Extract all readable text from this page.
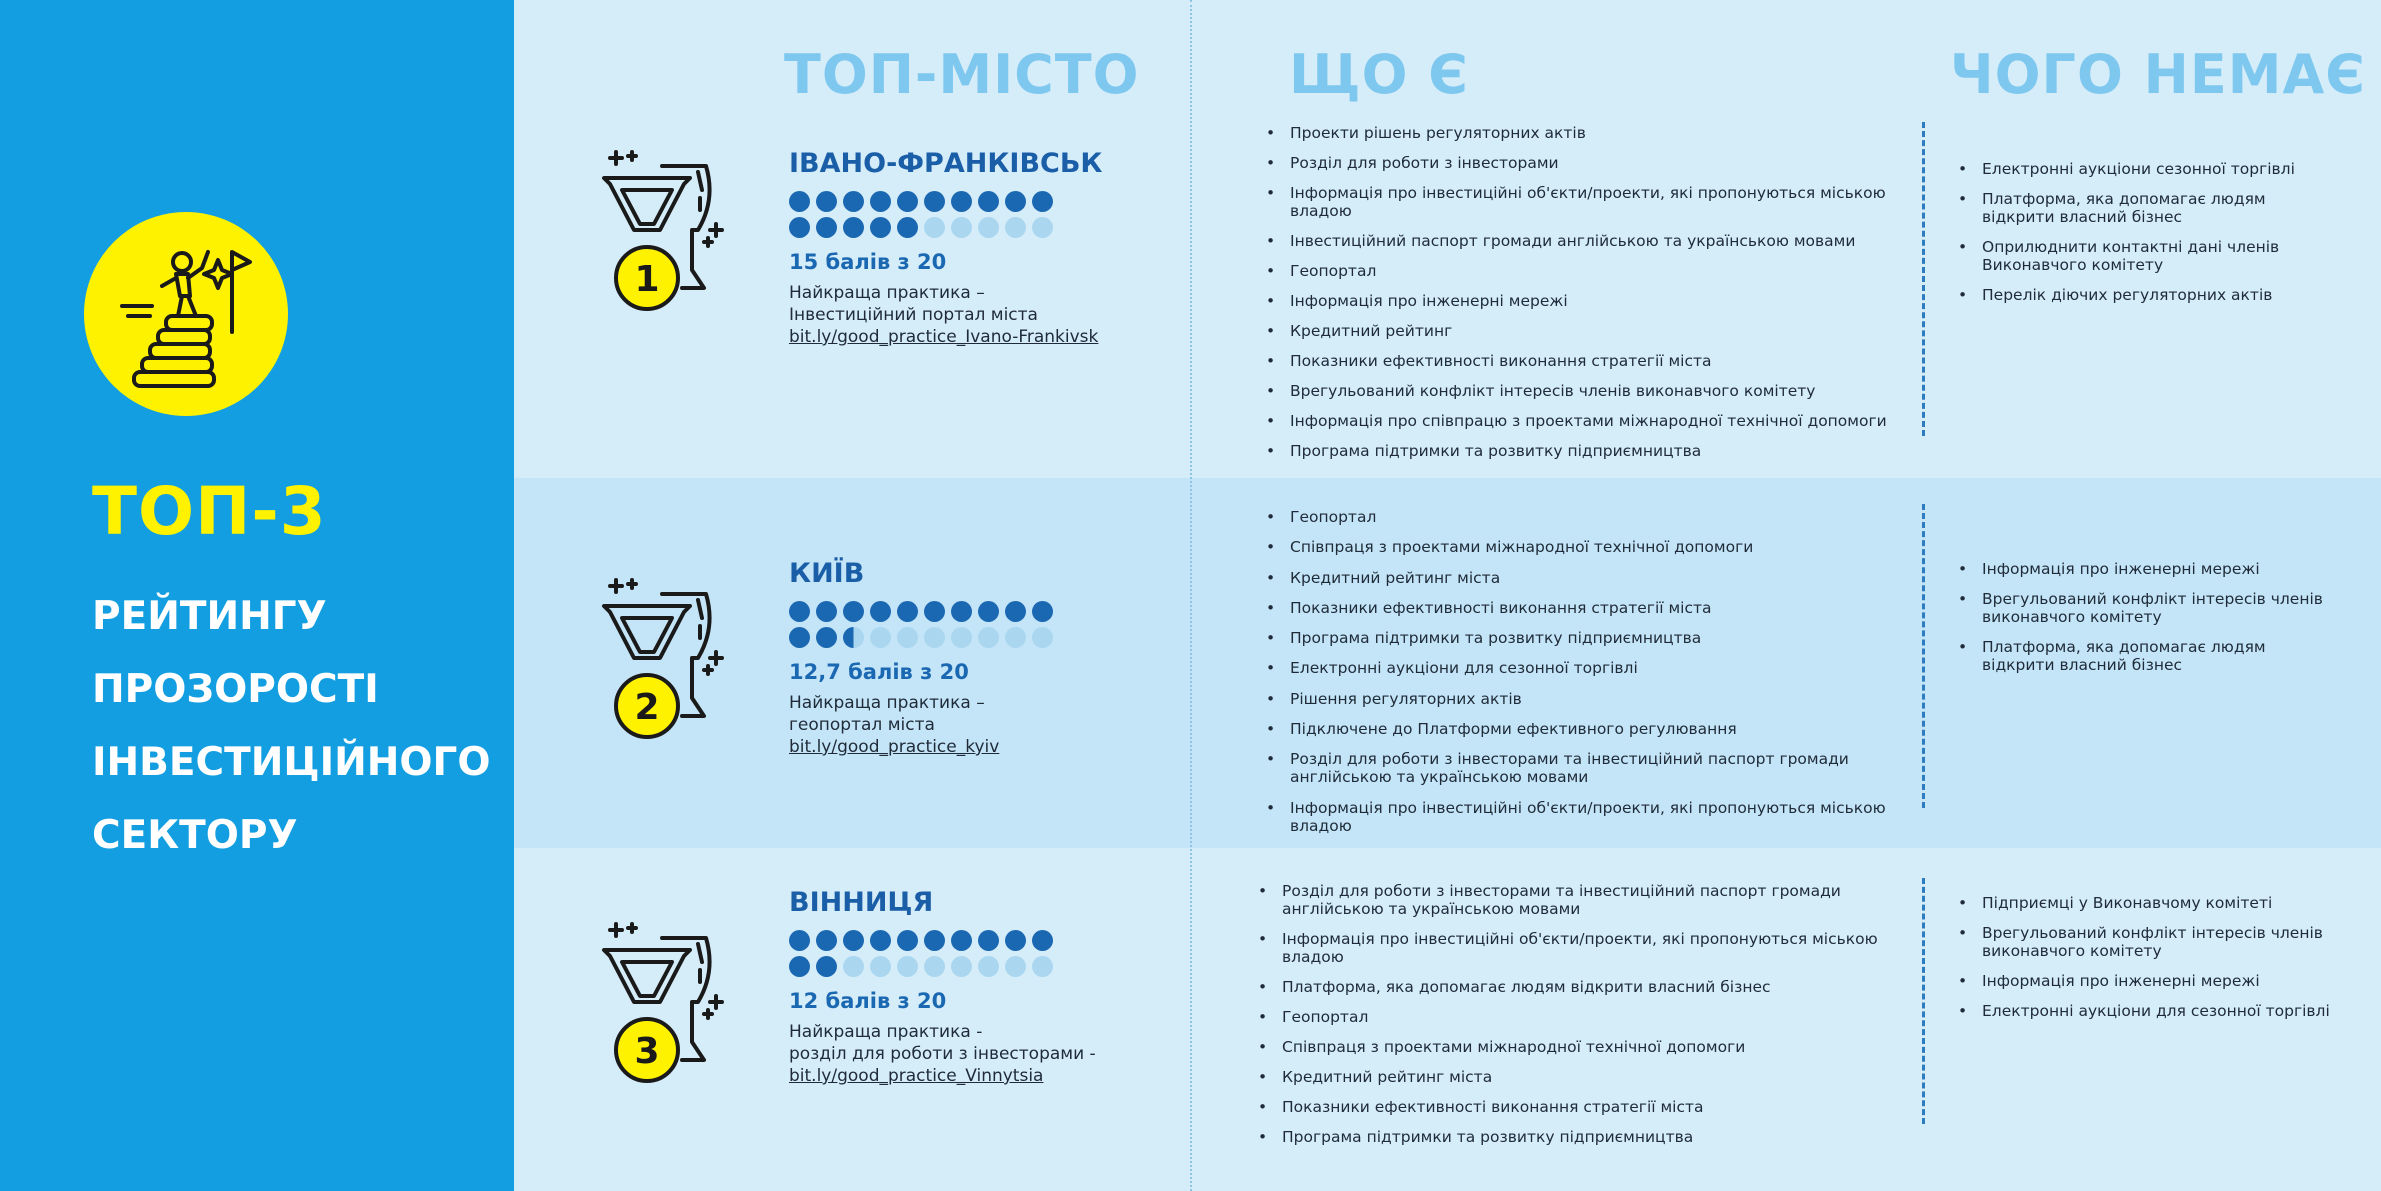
ТОП-3
РЕЙТИНГУ
ПРОЗОРОСТІ
ІНВЕСТИЦІЙНОГО
СЕКТОРУ
ТОП-МІСТО	ЩО Є	ЧОГО НЕМАЄ
1
2
3
ІВАНО-ФРАНКІВСЬК
15 балів з 20
Найкраща практика –
Інвестиційний портал міста
bit.ly/good_practice_Ivano-Frankivsk
КИЇВ
12,7 балів з 20
Найкраща практика –
геопортал міста
bit.ly/good_practice_kyiv
ВІННИЦЯ
12 балів з 20
Найкраща практика -
розділ для роботи з інвесторами -
bit.ly/good_practice_Vinnytsia
• Проекти рішень регуляторних актів
• Розділ для роботи з інвесторами
• Інформація про інвестиційні об'єкти/проекти, які пропонуються міською владою
• Інвестиційний паспорт громади англійською та українською мовами
• Геопортал
• Інформація про інженерні мережі
• Кредитний рейтинг
• Показники ефективності виконання стратегії міста
• Врегульований конфлікт інтересів членів виконавчого комітету
• Інформація про співпрацю з проектами міжнародної технічної допомоги
• Програма підтримки та розвитку підприємництва
• Геопортал
• Співпраця з проектами міжнародної технічної допомоги
• Кредитний рейтинг міста
• Показники ефективності виконання стратегії міста
• Програма підтримки та розвитку підприємництва
• Електронні аукціони для сезонної торгівлі
• Рішення регуляторних актів
• Підключене до Платформи ефективного регулювання
• Розділ для роботи з інвесторами та інвестиційний паспорт громади англійською та українською мовами
• Інформація про інвестиційні об'єкти/проекти, які пропонуються міською владою
• Розділ для роботи з інвесторами та інвестиційний паспорт громади англійською та українською мовами
• Інформація про інвестиційні об'єкти/проекти, які пропонуються міською владою
• Платформа, яка допомагає людям відкрити власний бізнес
• Геопортал
• Співпраця з проектами міжнародної технічної допомоги
• Кредитний рейтинг міста
• Показники ефективності виконання стратегії міста
• Програма підтримки та розвитку підприємництва
• Електронні аукціони сезонної торгівлі
• Платформа, яка допомагає людям відкрити власний бізнес
• Оприлюднити контактні дані членів Виконавчого комітету
• Перелік діючих регуляторних актів
• Інформація про інженерні мережі
• Врегульований конфлікт інтересів членів виконавчого комітету
• Платформа, яка допомагає людям відкрити власний бізнес
• Підприємці у Виконавчому комітеті
• Врегульований конфлікт інтересів членів виконавчого комітету
• Інформація про інженерні мережі
• Електронні аукціони для сезонної торгівлі
